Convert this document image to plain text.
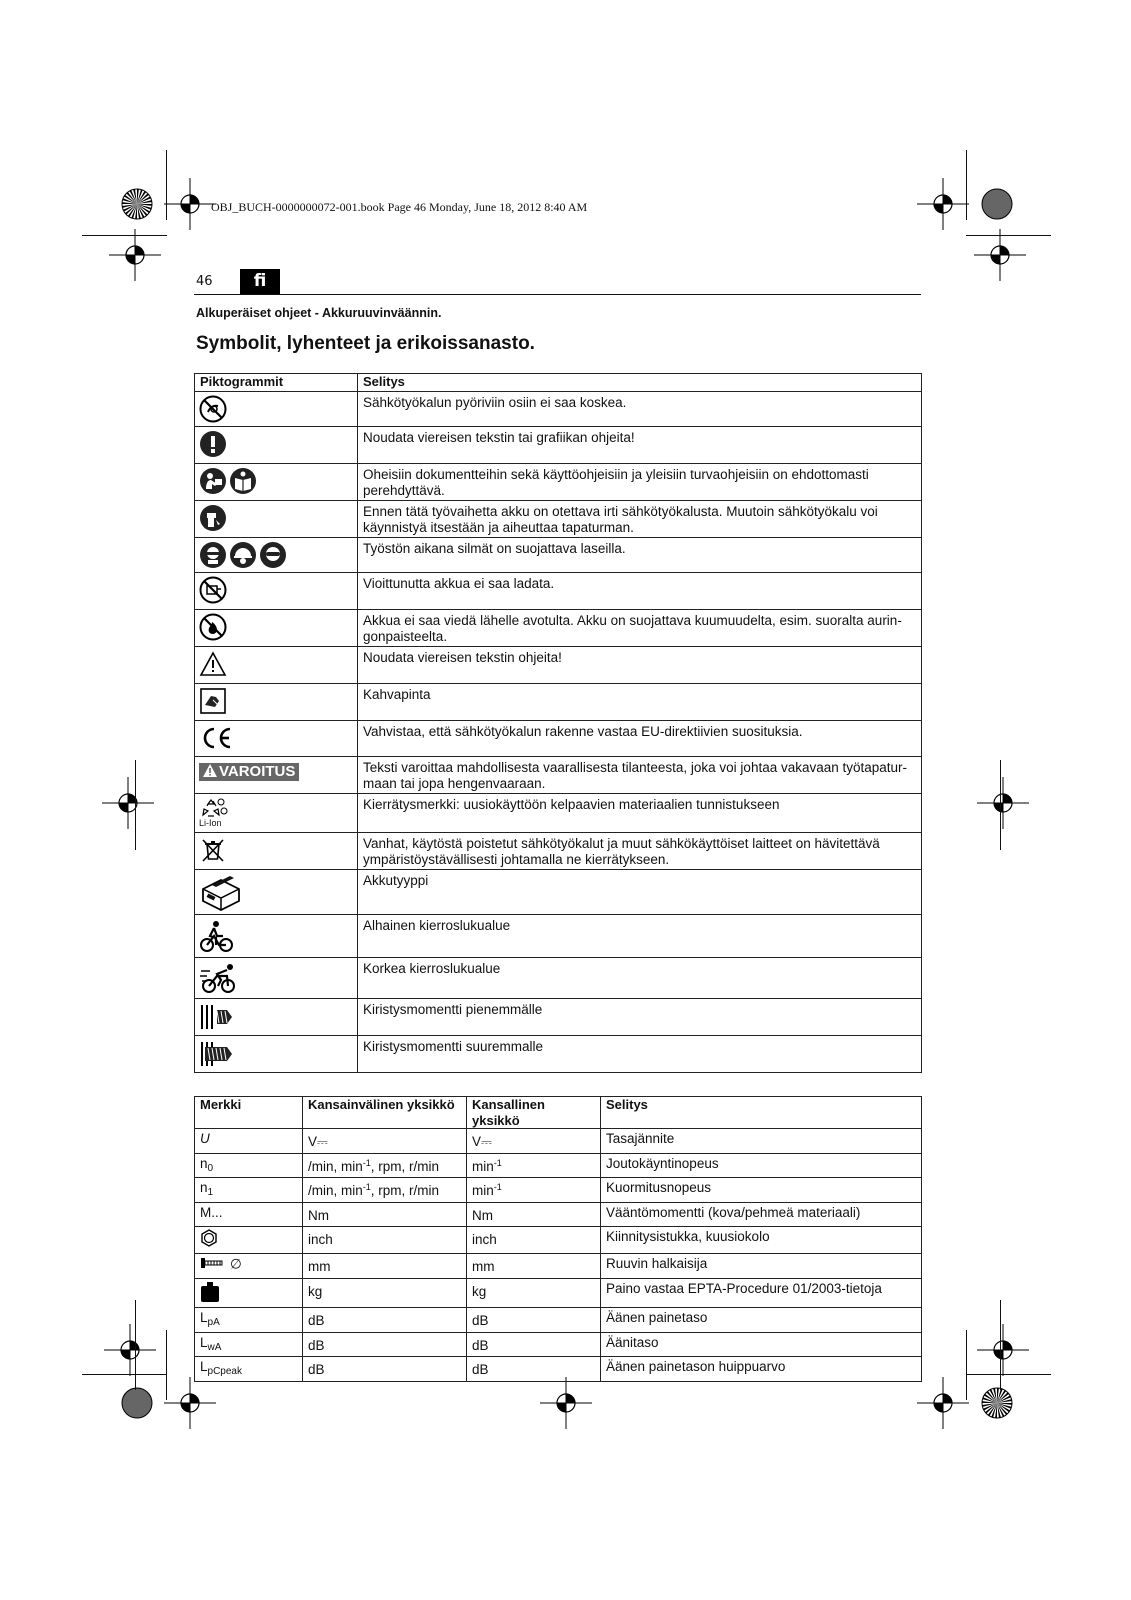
OBJ_BUCH-0000000072-001.book Page 46 Monday, June 18, 2012 8:40 AM
46	fi
Alkuperäiset ohjeet - Akkuruuvinväännin.
Symbolit, lyhenteet ja erikoissanasto.
Piktogrammit	Selitys
	Sähkötyökalun pyöriviin osiin ei saa koskea.
	Noudata viereisen tekstin tai grafiikan ohjeita!
	Oheisiin dokumentteihin sekä käyttöohjeisiin ja yleisiin turvaohjeisiin on ehdottomasti perehdyttävä.
	Ennen tätä työvaihetta akku on otettava irti sähkötyökalusta. Muutoin sähkötyökalu voi käynnistyä itsestään ja aiheuttaa tapaturman.
	Työstön aikana silmät on suojattava laseilla.
	Vioittunutta akkua ei saa ladata.
	Akkua ei saa viedä lähelle avotulta. Akku on suojattava kuumuudelta, esim. suoralta aurin-gonpaisteelta.
	Noudata viereisen tekstin ohjeita!
	Kahvapinta
	Vahvistaa, että sähkötyökalun rakenne vastaa EU-direktiivien suosituksia.
VAROITUS	Teksti varoittaa mahdollisesta vaarallisesta tilanteesta, joka voi johtaa vakavaan työtapatur-maan tai jopa hengenvaaraan.

Li-Ion	Kierrätysmerkki: uusiokäyttöön kelpaavien materiaalien tunnistukseen
	Vanhat, käytöstä poistetut sähkötyökalut ja muut sähkökäyttöiset laitteet on hävitettävä ympäristöystävällisesti johtamalla ne kierrätykseen.
	Akkutyyppi
	Alhainen kierroslukualue
	Korkea kierroslukualue
	Kiristysmomentti pienemmälle
	Kiristysmomentti suuremmalle
Merkki	Kansainvälinen yksikkö	Kansallinen yksikkö	Selitys
U	V⎓	V⎓	Tasajännite
$n_0$	/min, $\min^{-1}$, rpm, r/min	$\min^{-1}$	Joutokäyntinopeus
$n_1$	/min, $\min^{-1}$, rpm, r/min	$\min^{-1}$	Kuormitusnopeus
M...	Nm	Nm	Vääntömomentti (kova/pehmeä materiaali)
	inch	inch	Kiinnitysistukka, kuusiokolo
∅	mm	mm	Ruuvin halkaisija
	kg	kg	Paino vastaa EPTA-Procedure 01/2003-tietoja
$L_{pA}$	dB	dB	Äänen painetaso
$L_{wA}$	dB	dB	Äänitaso
$L_{pCpeak}$	dB	dB	Äänen painetason huippuarvo
